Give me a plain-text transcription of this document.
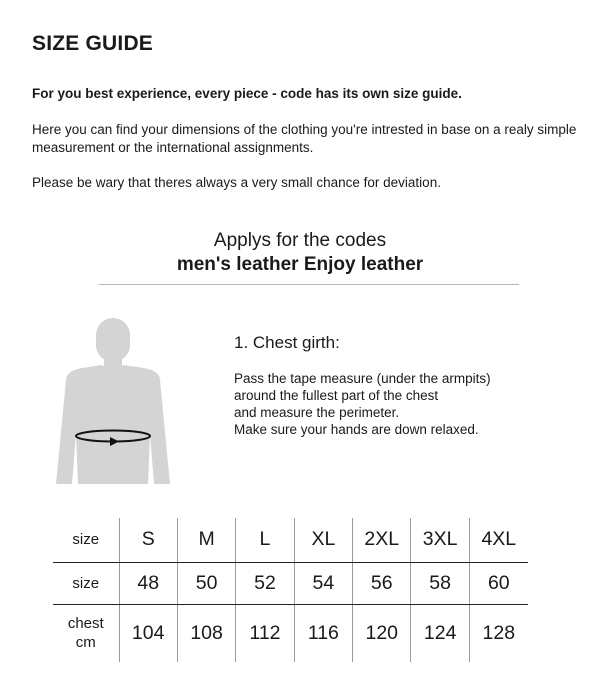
SIZE GUIDE
For you best experience, every piece - code has its own size guide.
Here you can find your dimensions of the clothing you're intrested in base on a realy simple measurement or the international assignments.
Please be wary that theres always a very small chance for deviation.
Applys for the codes
men's leather Enjoy leather
1. Chest girth:
Pass the tape measure (under the armpits)
around the fullest part of the chest
and measure the perimeter.
Make sure your hands are down relaxed.
size	S	M	L	XL	2XL	3XL	4XL
size	48	50	52	54	56	58	60

chest
cm	104	108	112	116	120	124	128
